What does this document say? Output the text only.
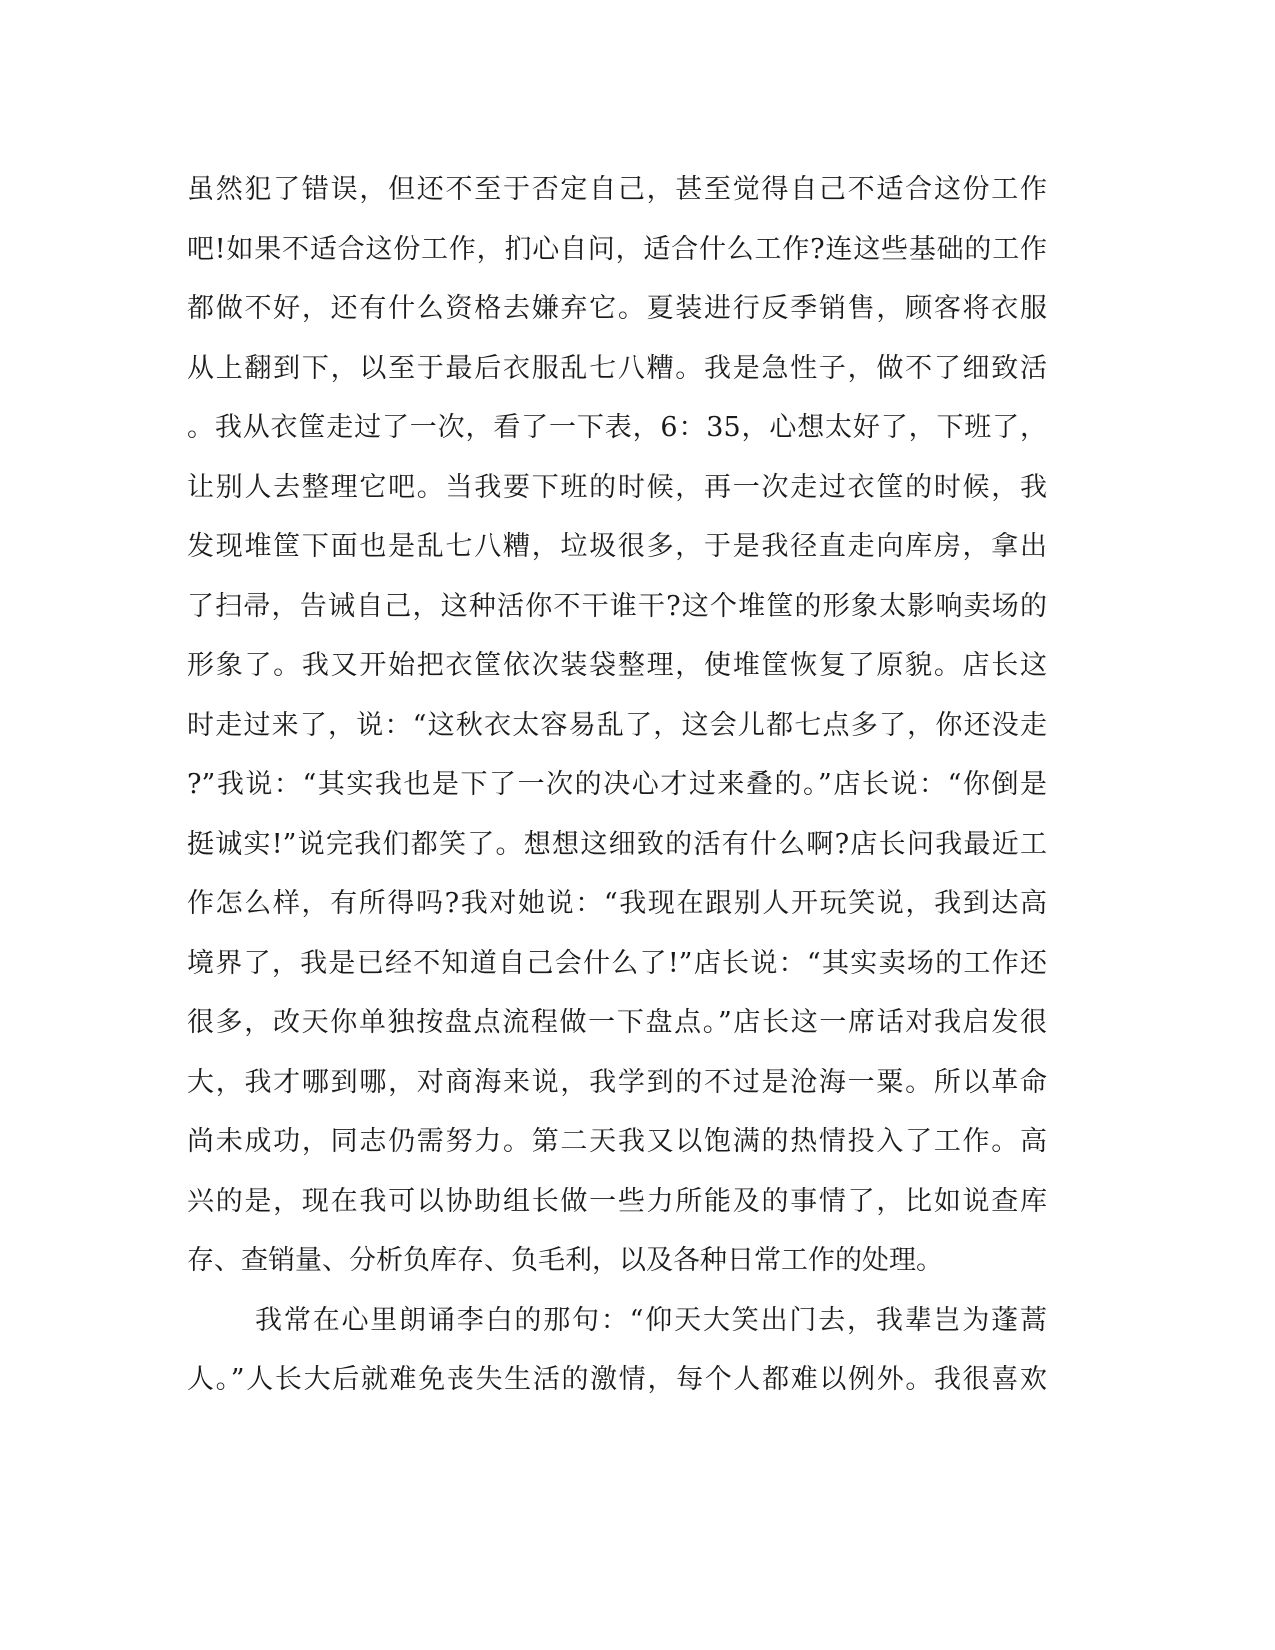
虽然犯了错误，但还不至于否定自己，甚至觉得自己不适合这份工作
吧!如果不适合这份工作，扪心自问，适合什么工作?连这些基础的工作
都做不好，还有什么资格去嫌弃它。夏装进行反季销售，顾客将衣服
从上翻到下，以至于最后衣服乱七八糟。我是急性子，做不了细致活
。我从衣筐走过了一次，看了一下表，6：35，心想太好了，下班了，
让别人去整理它吧。当我要下班的时候，再一次走过衣筐的时候，我
发现堆筐下面也是乱七八糟，垃圾很多，于是我径直走向库房，拿出
了扫帚，告诫自己，这种活你不干谁干?这个堆筐的形象太影响卖场的
形象了。我又开始把衣筐依次装袋整理，使堆筐恢复了原貌。店长这
时走过来了，说：“这秋衣太容易乱了，这会儿都七点多了，你还没走
?”我说：“其实我也是下了一次的决心才过来叠的。”店长说：“你倒是
挺诚实!”说完我们都笑了。想想这细致的活有什么啊?店长问我最近工
作怎么样，有所得吗?我对她说：“我现在跟别人开玩笑说，我到达高
境界了，我是已经不知道自己会什么了!”店长说：“其实卖场的工作还
很多，改天你单独按盘点流程做一下盘点。”店长这一席话对我启发很
大，我才哪到哪，对商海来说，我学到的不过是沧海一粟。所以革命
尚未成功，同志仍需努力。第二天我又以饱满的热情投入了工作。高
兴的是，现在我可以协助组长做一些力所能及的事情了，比如说查库
存、查销量、分析负库存、负毛利，以及各种日常工作的处理。
我常在心里朗诵李白的那句：“仰天大笑出门去，我辈岂为蓬蒿
人。”人长大后就难免丧失生活的激情，每个人都难以例外。我很喜欢
